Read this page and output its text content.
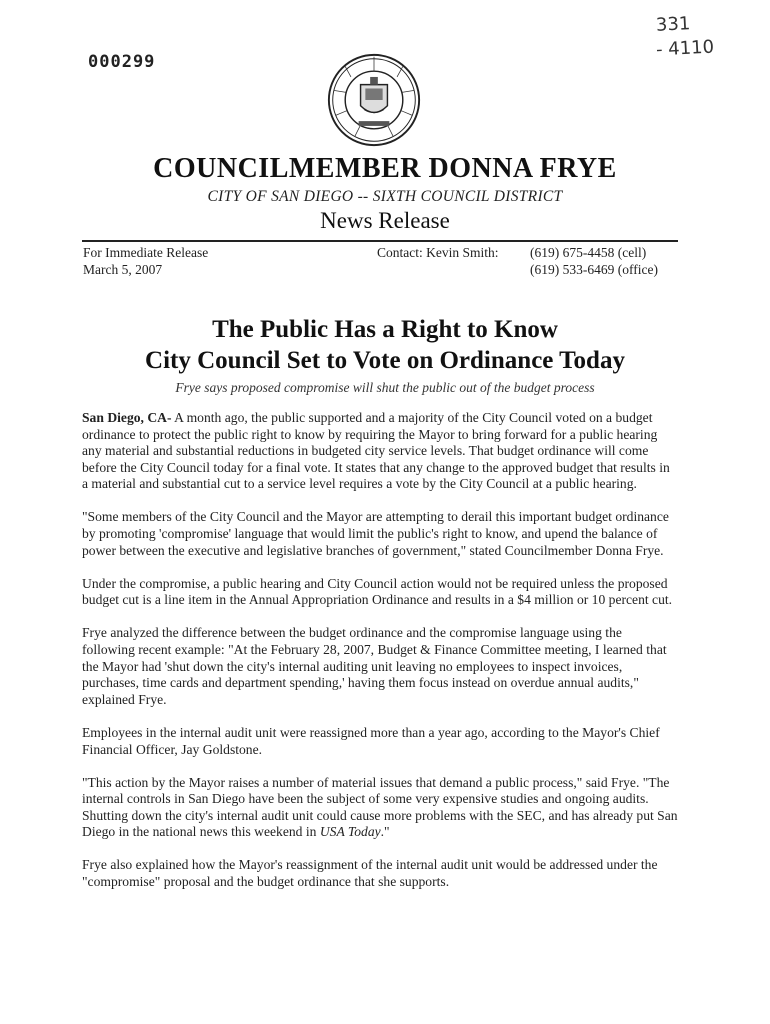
000299
331
- 4110
COUNCILMEMBER DONNA FRYE
CITY OF SAN DIEGO -- SIXTH COUNCIL DISTRICT
News Release
For Immediate Release
March 5, 2007
Contact: Kevin Smith: (619) 675-4458 (cell)
(619) 533-6469 (office)
The Public Has a Right to Know
City Council Set to Vote on Ordinance Today
Frye says proposed compromise will shut the public out of the budget process

San Diego, CA- A month ago, the public supported and a majority of the City Council voted on a budget ordinance to protect the public right to know by requiring the Mayor to bring forward for a public hearing any material and substantial reductions in budgeted city service levels. That budget ordinance will come before the City Council today for a final vote. It states that any change to the approved budget that results in a material and substantial cut to a service level requires a vote by the City Council at a public hearing.

"Some members of the City Council and the Mayor are attempting to derail this important budget ordinance by promoting 'compromise' language that would limit the public's right to know, and upend the balance of power between the executive and legislative branches of government," stated Councilmember Donna Frye.

Under the compromise, a public hearing and City Council action would not be required unless the proposed budget cut is a line item in the Annual Appropriation Ordinance and results in a $4 million or 10 percent cut.

Frye analyzed the difference between the budget ordinance and the compromise language using the following recent example: "At the February 28, 2007, Budget & Finance Committee meeting, I learned that the Mayor had 'shut down the city's internal auditing unit leaving no employees to inspect invoices, purchases, time cards and department spending,' having them focus instead on overdue annual audits," explained Frye.

Employees in the internal audit unit were reassigned more than a year ago, according to the Mayor's Chief Financial Officer, Jay Goldstone.

"This action by the Mayor raises a number of material issues that demand a public process," said Frye. "The internal controls in San Diego have been the subject of some very expensive studies and ongoing audits. Shutting down the city's internal audit unit could cause more problems with the SEC, and has already put San Diego in the national news this weekend in USA Today."

Frye also explained how the Mayor's reassignment of the internal audit unit would be addressed under the "compromise" proposal and the budget ordinance that she supports.
